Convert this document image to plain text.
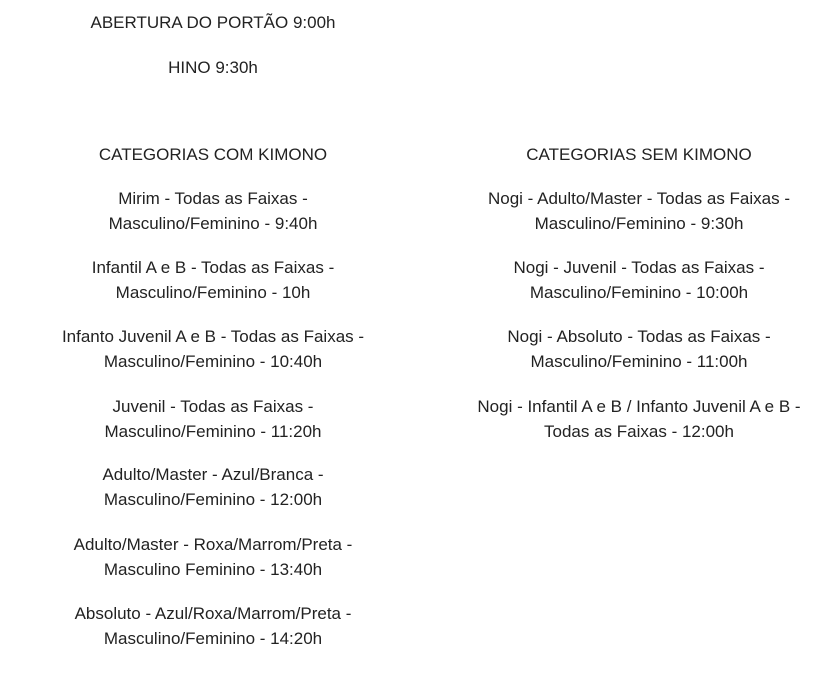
ABERTURA DO PORTÃO 9:00h
HINO 9:30h
CATEGORIAS COM KIMONO
Mirim - Todas as Faixas -
Masculino/Feminino - 9:40h
Infantil A e B - Todas as Faixas -
Masculino/Feminino - 10h
Infanto Juvenil A e B - Todas as Faixas -
Masculino/Feminino - 10:40h
Juvenil - Todas as Faixas -
Masculino/Feminino - 11:20h
Adulto/Master - Azul/Branca -
Masculino/Feminino - 12:00h
Adulto/Master - Roxa/Marrom/Preta -
Masculino Feminino - 13:40h
Absoluto - Azul/Roxa/Marrom/Preta -
Masculino/Feminino - 14:20h
CATEGORIAS SEM KIMONO
Nogi - Adulto/Master - Todas as Faixas -
Masculino/Feminino - 9:30h
Nogi - Juvenil - Todas as Faixas -
Masculino/Feminino - 10:00h
Nogi - Absoluto - Todas as Faixas -
Masculino/Feminino - 11:00h
Nogi - Infantil A e B / Infanto Juvenil A e B -
Todas as Faixas - 12:00h
